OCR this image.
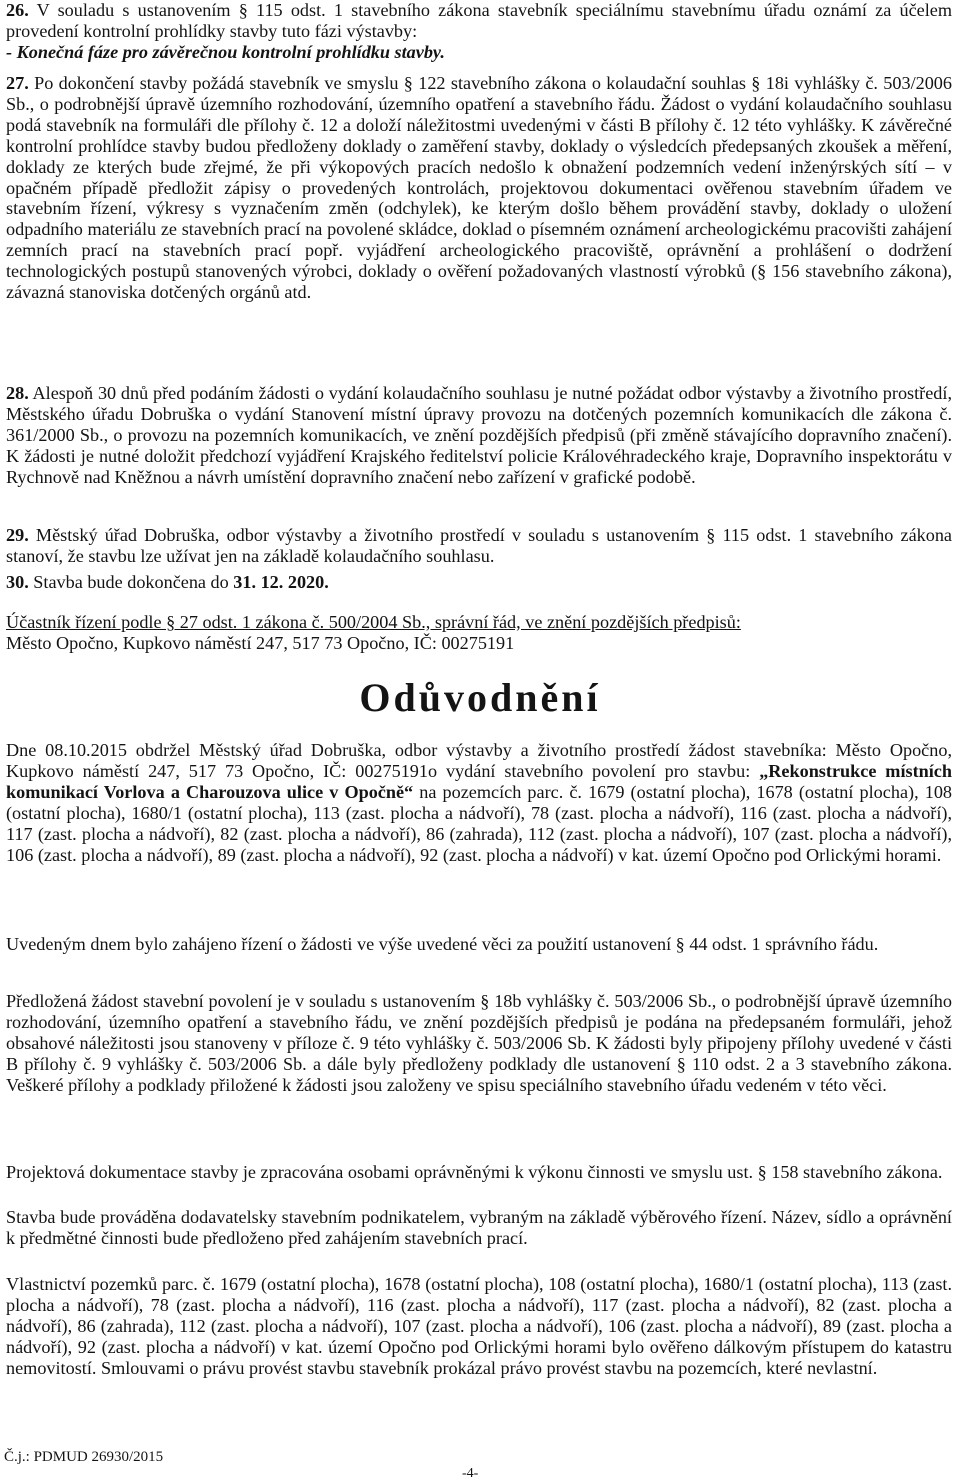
26. V souladu s ustanovením § 115 odst. 1 stavebního zákona stavebník speciálnímu stavebnímu úřadu oznámí za účelem provedení kontrolní prohlídky stavby tuto fázi výstavby:
- Konečná fáze pro závěrečnou kontrolní prohlídku stavby.

27. Po dokončení stavby požádá stavebník ve smyslu § 122 stavebního zákona o kolaudační souhlas § 18i vyhlášky č. 503/2006 Sb., o podrobnější úpravě územního rozhodování, územního opatření a stavebního řádu. Žádost o vydání kolaudačního souhlasu podá stavebník na formuláři dle přílohy č. 12 a doloží náležitostmi uvedenými v části B přílohy č. 12 této vyhlášky. K závěrečné kontrolní prohlídce stavby budou předloženy doklady o zaměření stavby, doklady o výsledcích předepsaných zkoušek a měření, doklady ze kterých bude zřejmé, že při výkopových pracích nedošlo k obnažení podzemních vedení inženýrských sítí – v opačném případě předložit zápisy o provedených kontrolách, projektovou dokumentaci ověřenou stavebním úřadem ve stavebním řízení, výkresy s vyznačením změn (odchylek), ke kterým došlo během provádění stavby, doklady o uložení odpadního materiálu ze stavebních prací na povolené skládce, doklad o písemném oznámení archeologickému pracovišti zahájení zemních prací na stavebních prací popř. vyjádření archeologického pracoviště, oprávnění a prohlášení o dodržení technologických postupů stanovených výrobci, doklady o ověření požadovaných vlastností výrobků (§ 156 stavebního zákona), závazná stanoviska dotčených orgánů atd.

28. Alespoň 30 dnů před podáním žádosti o vydání kolaudačního souhlasu je nutné požádat odbor výstavby a životního prostředí, Městského úřadu Dobruška o vydání Stanovení místní úpravy provozu na dotčených pozemních komunikacích dle zákona č. 361/2000 Sb., o provozu na pozemních komunikacích, ve znění pozdějších předpisů (při změně stávajícího dopravního značení). K žádosti je nutné doložit předchozí vyjádření Krajského ředitelství policie Královéhradeckého kraje, Dopravního inspektorátu v Rychnově nad Kněžnou a návrh umístění dopravního značení nebo zařízení v grafické podobě.

29. Městský úřad Dobruška, odbor výstavby a životního prostředí v souladu s ustanovením § 115 odst. 1 stavebního zákona stanoví, že stavbu lze užívat jen na základě kolaudačního souhlasu.

30. Stavba bude dokončena do 31. 12. 2020.

Účastník řízení podle § 27 odst. 1 zákona č. 500/2004 Sb., správní řád, ve znění pozdějších předpisů:
Město Opočno, Kupkovo náměstí 247, 517 73 Opočno, IČ: 00275191

Odůvodnění

Dne 08.10.2015 obdržel Městský úřad Dobruška, odbor výstavby a životního prostředí žádost stavebníka: Město Opočno, Kupkovo náměstí 247, 517 73 Opočno, IČ: 00275191o vydání stavebního povolení pro stavbu: „Rekonstrukce místních komunikací Vorlova a Charouzova ulice v Opočně“ na pozemcích parc. č. 1679 (ostatní plocha), 1678 (ostatní plocha), 108 (ostatní plocha), 1680/1 (ostatní plocha), 113 (zast. plocha a nádvoří), 78 (zast. plocha a nádvoří), 116 (zast. plocha a nádvoří), 117 (zast. plocha a nádvoří), 82 (zast. plocha a nádvoří), 86 (zahrada), 112 (zast. plocha a nádvoří), 107 (zast. plocha a nádvoří), 106 (zast. plocha a nádvoří), 89 (zast. plocha a nádvoří), 92 (zast. plocha a nádvoří) v kat. území Opočno pod Orlickými horami.

Uvedeným dnem bylo zahájeno řízení o žádosti ve výše uvedené věci za použití ustanovení § 44 odst. 1 správního řádu.

Předložená žádost stavební povolení je v souladu s ustanovením § 18b vyhlášky č. 503/2006 Sb., o podrobnější úpravě územního rozhodování, územního opatření a stavebního řádu, ve znění pozdějších předpisů je podána na předepsaném formuláři, jehož obsahové náležitosti jsou stanoveny v příloze č. 9 této vyhlášky č. 503/2006 Sb. K žádosti byly připojeny přílohy uvedené v části B přílohy č. 9 vyhlášky č. 503/2006 Sb. a dále byly předloženy podklady dle ustanovení § 110 odst. 2 a 3 stavebního zákona. Veškeré přílohy a podklady přiložené k žádosti jsou založeny ve spisu speciálního stavebního úřadu vedeném v této věci.

Projektová dokumentace stavby je zpracována osobami oprávněnými k výkonu činnosti ve smyslu ust. § 158 stavebního zákona.

Stavba bude prováděna dodavatelsky stavebním podnikatelem, vybraným na základě výběrového řízení. Název, sídlo a oprávnění k předmětné činnosti bude předloženo před zahájením stavebních prací.

Vlastnictví pozemků parc. č. 1679 (ostatní plocha), 1678 (ostatní plocha), 108 (ostatní plocha), 1680/1 (ostatní plocha), 113 (zast. plocha a nádvoří), 78 (zast. plocha a nádvoří), 116 (zast. plocha a nádvoří), 117 (zast. plocha a nádvoří), 82 (zast. plocha a nádvoří), 86 (zahrada), 112 (zast. plocha a nádvoří), 107 (zast. plocha a nádvoří), 106 (zast. plocha a nádvoří), 89 (zast. plocha a nádvoří), 92 (zast. plocha a nádvoří) v kat. území Opočno pod Orlickými horami bylo ověřeno dálkovým přístupem do katastru nemovitostí. Smlouvami o právu provést stavbu stavebník prokázal právo provést stavbu na pozemcích, které nevlastní.

Č.j.: PDMUD 26930/2015
-4-
